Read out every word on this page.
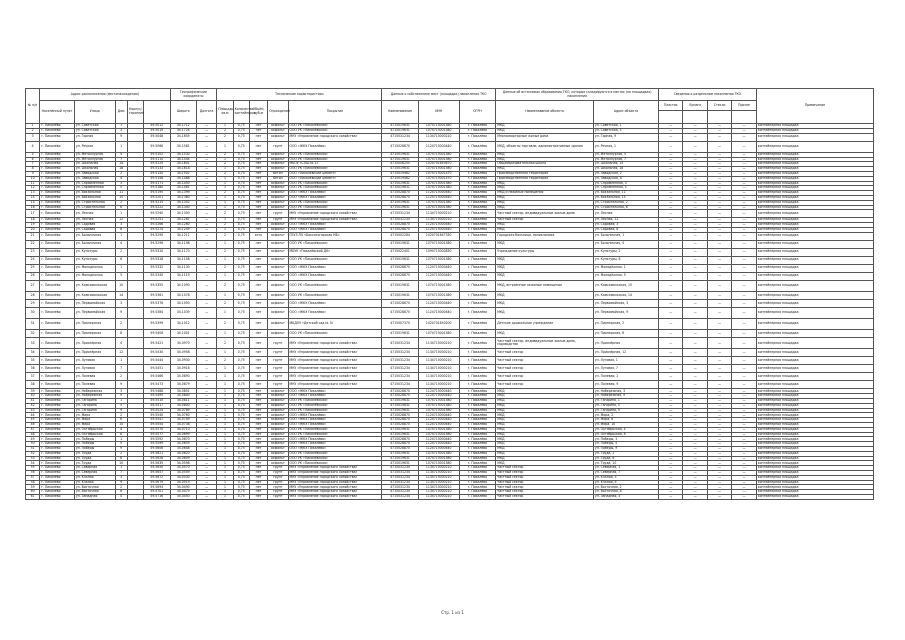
№ п/п	Адрес расположения (местонахождения)					Географические координаты		Технические характеристики					Данные о собственнике мест (площадок) накопления ТКО			Данные об источниках образования ТКО, которые складируются в местах (на площадках) накопления		Сведения о раздельном накоплении ТКО				Примечание
	Населённый пункт	Улица	Дом	Корпус/строение		Широта	Долгота	Площадь, кв.м	Количество контейнеров	Объём, куб.м	Ограждение	Покрытие	Наименование	ИНН	ОГРН	Наименование объекта	Адрес объекта	Пластик	Бумага	Стекло	Прочее	

1	г. Пикалёво	ул. Советская	1		59.5012	34.1712	—	1	0,75	нет	асфальт	ООО УК «Пикалёвская»	4715019631	1074715001580	г. Пикалёво	МКД	ул. Советская, 1	—	—	—	—	контейнерная площадка
2	г. Пикалёво	ул. Советская	3		59.5019	34.1724	—	2	0,75	нет	асфальт	ООО УК «Пикалёвская»	4715019631	1074715001580	г. Пикалёво	МКД	ул. Советская, 3	—	—	—	—	контейнерная площадка
3	г. Пикалёво	ул. Горная	9		59.5048	34.1655	—	2	0,75	нет	асфальт	МКУ «Управление городского хозяйства»	4715031234	1134715000210	г. Пикалёво	Многоквартирные жилые дома	ул. Горная, 9	—	—	—	—	контейнерная площадка
4	г. Пикалёво	ул. Речная	1		59.5066	34.1581	—	1	0,75	нет	грунт	ООО «ЖКХ Пикалёво»	4715028870	1124715000440	г. Пикалёво	МКД, объекты торговли, административные здания	ул. Речная, 1	—	—	—	—	контейнерная площадка
5	г. Пикалёво	ул. Металлургов	5		59.5102	34.1530	—	2	0,75	нет	асфальт	ООО УК «Пикалёвская»	4715019631	1074715001580	г. Пикалёво	МКД	ул. Металлургов, 5	—	—	—	—	контейнерная площадка
6	г. Пикалёво	ул. Металлургов	7		59.5110	34.1544	—	1	0,75	нет	асфальт	ООО УК «Пикалёвская»	4715019631	1074715001580	г. Пикалёво	МКД	ул. Металлургов, 7	—	—	—	—	контейнерная площадка
7	г. Пикалёво	ул. Школьная	14		59.5125	34.1601	—	2	0,75	нет	асфальт	МБОУ «СОШ № 1»	4715006200	1024701649870	г. Пикалёво	Общеобразовательная школа	ул. Школьная, 14	—	—	—	—	контейнерная площадка
8	г. Пикалёво	ул. Школьная	18		59.5133	34.1618	—	1	0,75	нет	асфальт	ООО УК «Пикалёвская»	4715019631	1074715001580	г. Пикалёво	МКД	ул. Школьная, 18	—	—	—	—	контейнерная площадка
9	г. Пикалёво	ул. Заводская	2		59.5150	34.1502	—	2	0,75	нет	бетон	ООО «Пикалёвский цемент»	4715019462	1074715001470	г. Пикалёво	Производственная территория	ул. Заводская, 2	—	—	—	—	контейнерная площадка
10	г. Пикалёво	ул. Заводская	4		59.5158	34.1488	—	1	0,75	нет	бетон	ООО «Пикалёвский цемент»	4715019462	1074715001470	г. Пикалёво	Производственная территория	ул. Заводская, 4	—	—	—	—	контейнерная площадка
11	г. Пикалёво	ул. Спрямлённая	3		59.5171	34.1450	—	1	0,75	нет	асфальт	ООО УК «Пикалёвская»	4715019631	1074715001580	г. Пикалёво	МКД	ул. Спрямлённая, 3	—	—	—	—	контейнерная площадка
12	г. Пикалёво	ул. Спрямлённая	5		59.5180	34.1461	—	1	0,75	нет	асфальт	ООО УК «Пикалёвская»	4715019631	1074715001580	г. Пикалёво	МКД	ул. Спрямлённая, 5	—	—	—	—	контейнерная площадка
13	г. Пикалёво	ул. Вокзальная	11		59.5195	34.1399	—	2	0,75	нет	асфальт	ООО «ЖКХ Пикалёво»	4715028870	1124715000440	г. Пикалёво	МКД и нежилые помещения	ул. Вокзальная, 11	—	—	—	—	контейнерная площадка
14	г. Пикалёво	ул. Вокзальная	15		59.5201	34.1380	—	1	0,75	нет	асфальт	ООО «ЖКХ Пикалёво»	4715028870	1124715000440	г. Пикалёво	МКД	ул. Вокзальная, 15	—	—	—	—	контейнерная площадка
15	г. Пикалёво	ул. Строительная	2		59.5215	34.1352	—	1	0,75	нет	асфальт	ООО УК «Пикалёвская»	4715019631	1074715001580	г. Пикалёво	МКД	ул. Строительная, 2	—	—	—	—	контейнерная площадка
16	г. Пикалёво	ул. Строительная	6		59.5222	34.1340	—	1	0,75	нет	асфальт	ООО УК «Пикалёвская»	4715019631	1074715001580	г. Пикалёво	МКД	ул. Строительная, 6	—	—	—	—	контейнерная площадка
17	г. Пикалёво	ул. Лесная	1		59.5240	34.1300	—	2	0,75	нет	грунт	МКУ «Управление городского хозяйства»	4715031234	1134715000210	г. Пикалёво	Частный сектор, индивидуальные жилые дома	ул. Лесная	—	—	—	—	контейнерная площадка
18	г. Пикалёво	ул. Лесная	12		59.5251	34.1287	—	1	0,75	нет	грунт	МКУ «Управление городского хозяйства»	4715031234	1134715000210	г. Пикалёво	Частный сектор	ул. Лесная, 12	—	—	—	—	контейнерная площадка
19	г. Пикалёво	ул. Садовая	3		59.5266	34.1260	—	2	0,75	нет	асфальт	ООО «ЖКХ Пикалёво»	4715028870	1124715000440	г. Пикалёво	МКД	ул. Садовая, 3	—	—	—	—	контейнерная площадка
20	г. Пикалёво	ул. Садовая	8		59.5274	34.1249	—	1	0,75	нет	асфальт	ООО «ЖКХ Пикалёво»	4715028870	1124715000440	г. Пикалёво	МКД	ул. Садовая, 8	—	—	—	—	контейнерная площадка
21	г. Пикалёво	ул. Больничная	1		59.5290	34.1211	—	2	0,75	есть	асфальт	ГБУЗ ЛО «Бокситогорская МБ»	4715002284	1024701647330	г. Пикалёво	Городская больница, поликлиника	ул. Больничная, 1	—	—	—	—	контейнерная площадка
22	г. Пикалёво	ул. Больничная	4		59.5296	34.1198	—	1	0,75	нет	асфальт	ООО УК «Пикалёвская»	4715019631	1074715001580	г. Пикалёво	МКД	ул. Больничная, 4	—	—	—	—	контейнерная площадка
23	г. Пикалёво	ул. Культуры	2		59.5310	34.1170	—	2	0,75	нет	асфальт	МБУК «Пикалёвский ДК»	4715022401	1094715000830	г. Пикалёво	Учреждение культуры	ул. Культуры, 2	—	—	—	—	контейнерная площадка
24	г. Пикалёво	ул. Культуры	6		59.5318	34.1158	—	1	0,75	нет	асфальт	ООО УК «Пикалёвская»	4715019631	1074715001580	г. Пикалёво	МКД	ул. Культуры, 6	—	—	—	—	контейнерная площадка
25	г. Пикалёво	ул. Молодёжная	1		59.5332	34.1130	—	2	0,75	нет	асфальт	ООО «ЖКХ Пикалёво»	4715028870	1124715000440	г. Пикалёво	МКД	ул. Молодёжная, 1	—	—	—	—	контейнерная площадка
26	г. Пикалёво	ул. Молодёжная	5		59.5340	34.1119	—	1	0,75	нет	асфальт	ООО «ЖКХ Пикалёво»	4715028870	1124715000440	г. Пикалёво	МКД	ул. Молодёжная, 5	—	—	—	—	контейнерная площадка
27	г. Пикалёво	ул. Комсомольская	10		59.5355	34.1090	—	2	0,75	нет	асфальт	ООО УК «Пикалёвская»	4715019631	1074715001580	г. Пикалёво	МКД, встроенные нежилые помещения	ул. Комсомольская, 10	—	—	—	—	контейнерная площадка
28	г. Пикалёво	ул. Комсомольская	14		59.5361	34.1078	—	1	0,75	нет	асфальт	ООО УК «Пикалёвская»	4715019631	1074715001580	г. Пикалёво	МКД	ул. Комсомольская, 14	—	—	—	—	контейнерная площадка
29	г. Пикалёво	ул. Первомайская	3		59.5376	34.1050	—	2	0,75	нет	асфальт	ООО «ЖКХ Пикалёво»	4715028870	1124715000440	г. Пикалёво	МКД	ул. Первомайская, 3	—	—	—	—	контейнерная площадка
30	г. Пикалёво	ул. Первомайская	9		59.5384	34.1039	—	1	0,75	нет	асфальт	ООО «ЖКХ Пикалёво»	4715028870	1124715000440	г. Пикалёво	МКД	ул. Первомайская, 9	—	—	—	—	контейнерная площадка
31	г. Пикалёво	ул. Пионерская	2		59.5399	34.1012	—	2	0,75	нет	асфальт	МБДОУ «Детский сад № 3»	4715007370	1024701650200	г. Пикалёво	Детское дошкольное учреждение	ул. Пионерская, 2	—	—	—	—	контейнерная площадка
32	г. Пикалёво	ул. Пионерская	8		59.5406	34.1001	—	1	0,75	нет	асфальт	ООО УК «Пикалёвская»	4715019631	1074715001580	г. Пикалёво	МКД	ул. Пионерская, 8	—	—	—	—	контейнерная площадка
33	г. Пикалёво	ул. Приозёрная	4		59.5421	34.0970	—	2	0,75	нет	грунт	МКУ «Управление городского хозяйства»	4715031234	1134715000210	г. Пикалёво	Частный сектор, индивидуальные жилые дома, садоводства	ул. Приозёрная	—	—	—	—	контейнерная площадка
34	г. Пикалёво	ул. Приозёрная	12		59.5430	34.0958	—	1	0,75	нет	грунт	МКУ «Управление городского хозяйства»	4715031234	1134715000210	г. Пикалёво	Частный сектор	ул. Приозёрная, 12	—	—	—	—	контейнерная площадка
35	г. Пикалёво	ул. Луговая	1		59.5444	34.0930	—	2	0,75	нет	грунт	МКУ «Управление городского хозяйства»	4715031234	1134715000210	г. Пикалёво	Частный сектор	ул. Луговая, 1	—	—	—	—	контейнерная площадка
36	г. Пикалёво	ул. Луговая	7		59.5451	34.0918	—	1	0,75	нет	грунт	МКУ «Управление городского хозяйства»	4715031234	1134715000210	г. Пикалёво	Частный сектор	ул. Луговая, 7	—	—	—	—	контейнерная площадка
37	г. Пикалёво	ул. Полевая	2		59.5466	34.0890	—	1	0,75	нет	грунт	МКУ «Управление городского хозяйства»	4715031234	1134715000210	г. Пикалёво	Частный сектор	ул. Полевая, 2	—	—	—	—	контейнерная площадка
38	г. Пикалёво	ул. Полевая	9		59.5473	34.0879	—	1	0,75	нет	грунт	МКУ «Управление городского хозяйства»	4715031234	1134715000210	г. Пикалёво	Частный сектор	ул. Полевая, 9	—	—	—	—	контейнерная площадка
39	г. Пикалёво	ул. Набережная	3		59.5488	34.0851	—	1	0,75	нет	асфальт	ООО «ЖКХ Пикалёво»	4715028870	1124715000440	г. Пикалёво	МКД	ул. Набережная, 3	—	—	—	—	контейнерная площадка
40	г. Пикалёво	ул. Набережная	9		59.5495	34.0840	—	1	0,75	нет	асфальт	ООО «ЖКХ Пикалёво»	4715028870	1124715000440	г. Пикалёво	МКД	ул. Набережная, 9	—	—	—	—	контейнерная площадка
41	г. Пикалёво	ул. Гагарина	1		59.5510	34.0811	—	1	0,75	нет	асфальт	ООО УК «Пикалёвская»	4715019631	1074715001580	г. Пикалёво	МКД	ул. Гагарина, 1	—	—	—	—	контейнерная площадка
42	г. Пикалёво	ул. Гагарина	5		59.5517	34.0800	—	1	0,75	нет	асфальт	ООО УК «Пикалёвская»	4715019631	1074715001580	г. Пикалёво	МКД	ул. Гагарина, 5	—	—	—	—	контейнерная площадка
43	г. Пикалёво	ул. Гагарина	9		59.5524	34.0789	—	1	0,75	нет	асфальт	ООО УК «Пикалёвская»	4715019631	1074715001580	г. Пикалёво	МКД	ул. Гагарина, 9	—	—	—	—	контейнерная площадка
44	г. Пикалёво	ул. Мира	2		59.5540	34.0760	—	1	0,75	нет	асфальт	ООО «ЖКХ Пикалёво»	4715028870	1124715000440	г. Пикалёво	МКД	ул. Мира, 2	—	—	—	—	контейнерная площадка
45	г. Пикалёво	ул. Мира	6		59.5547	34.0749	—	1	0,75	нет	асфальт	ООО «ЖКХ Пикалёво»	4715028870	1124715000440	г. Пикалёво	МКД	ул. Мира, 6	—	—	—	—	контейнерная площадка
46	г. Пикалёво	ул. Мира	10		59.5554	34.0738	—	1	0,75	нет	асфальт	ООО «ЖКХ Пикалёво»	4715028870	1124715000440	г. Пикалёво	МКД	ул. Мира, 10	—	—	—	—	контейнерная площадка
47	г. Пикалёво	ул. Октябрьская	4		59.5570	34.0710	—	1	0,75	нет	асфальт	ООО УК «Пикалёвская»	4715019631	1074715001580	г. Пикалёво	МКД	ул. Октябрьская, 4	—	—	—	—	контейнерная площадка
48	г. Пикалёво	ул. Октябрьская	8		59.5577	34.0699	—	1	0,75	нет	асфальт	ООО УК «Пикалёвская»	4715019631	1074715001580	г. Пикалёво	МКД	ул. Октябрьская, 8	—	—	—	—	контейнерная площадка
49	г. Пикалёво	ул. Победы	1		59.5592	34.0670	—	1	0,75	нет	асфальт	ООО «ЖКХ Пикалёво»	4715028870	1124715000440	г. Пикалёво	МКД	ул. Победы, 1	—	—	—	—	контейнерная площадка
50	г. Пикалёво	ул. Победы	5		59.5599	34.0659	—	1	0,75	нет	асфальт	ООО «ЖКХ Пикалёво»	4715028870	1124715000440	г. Пикалёво	МКД	ул. Победы, 5	—	—	—	—	контейнерная площадка
51	г. Пикалёво	ул. Победы	9		59.5606	34.0648	—	1	0,75	нет	асфальт	ООО «ЖКХ Пикалёво»	4715028870	1124715000440	г. Пикалёво	МКД	ул. Победы, 9	—	—	—	—	контейнерная площадка
52	г. Пикалёво	ул. Труда	2		59.5621	34.0620	—	1	0,75	нет	асфальт	ООО УК «Пикалёвская»	4715019631	1074715001580	г. Пикалёво	МКД	ул. Труда, 2	—	—	—	—	контейнерная площадка
53	г. Пикалёво	ул. Труда	6		59.5628	34.0609	—	1	0,75	нет	асфальт	ООО УК «Пикалёвская»	4715019631	1074715001580	г. Пикалёво	МКД	ул. Труда, 6	—	—	—	—	контейнерная площадка
54	г. Пикалёво	ул. Труда	10		59.5635	34.0598	—	1	0,75	нет	асфальт	ООО УК «Пикалёвская»	4715019631	1074715001580	г. Пикалёво	МКД	ул. Труда, 10	—	—	—	—	контейнерная площадка
55	г. Пикалёво	ул. Северная	1		59.5650	34.0570	—	1	0,75	нет	грунт	МКУ «Управление городского хозяйства»	4715031234	1134715000210	г. Пикалёво	Частный сектор	ул. Северная, 1	—	—	—	—	контейнерная площадка
56	г. Пикалёво	ул. Северная	7		59.5657	34.0559	—	1	0,75	нет	грунт	МКУ «Управление городского хозяйства»	4715031234	1134715000210	г. Пикалёво	Частный сектор	ул. Северная, 7	—	—	—	—	контейнерная площадка
57	г. Пикалёво	ул. Южная	3		59.5672	34.0530	—	1	0,75	нет	грунт	МКУ «Управление городского хозяйства»	4715031234	1134715000210	г. Пикалёво	Частный сектор	ул. Южная, 3	—	—	—	—	контейнерная площадка
58	г. Пикалёво	ул. Южная	9		59.5679	34.0519	—	1	0,75	нет	грунт	МКУ «Управление городского хозяйства»	4715031234	1134715000210	г. Пикалёво	Частный сектор	ул. Южная, 9	—	—	—	—	контейнерная площадка
59	г. Пикалёво	ул. Восточная	2		59.5694	34.0490	—	1	0,75	нет	грунт	МКУ «Управление городского хозяйства»	4715031234	1134715000210	г. Пикалёво	Частный сектор	ул. Восточная, 2	—	—	—	—	контейнерная площадка
60	г. Пикалёво	ул. Восточная	8		59.5701	34.0479	—	1	0,75	нет	грунт	МКУ «Управление городского хозяйства»	4715031234	1134715000210	г. Пикалёво	Частный сектор	ул. Восточная, 8	—	—	—	—	контейнерная площадка
61	г. Пикалёво	ул. Западная	4		59.5716	34.0450	—	1	0,75	нет	грунт	МКУ «Управление городского хозяйства»	4715031234	1134715000210	г. Пикалёво	Частный сектор	ул. Западная, 4	—	—	—	—	контейнерная площадка
Стр. 1 из 1
